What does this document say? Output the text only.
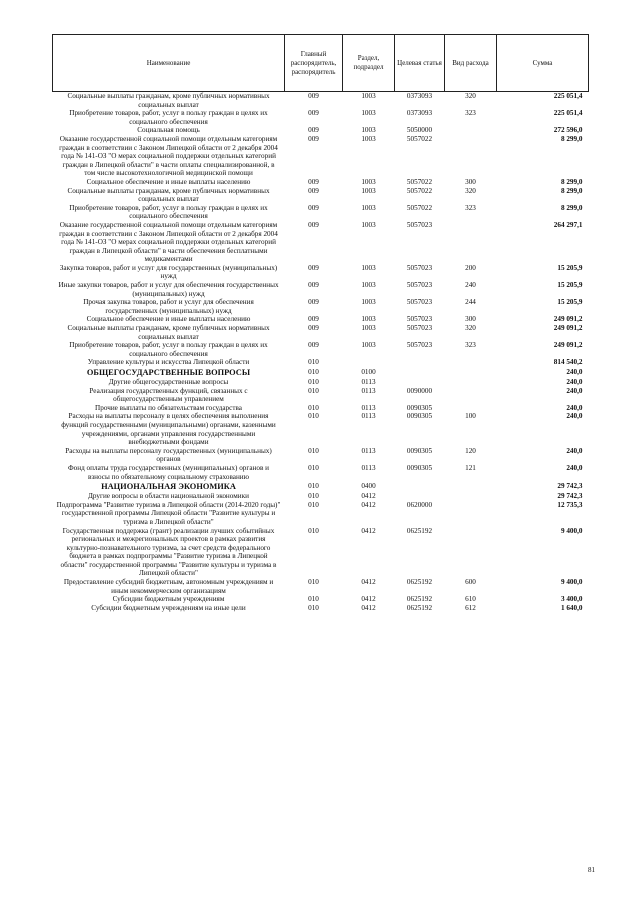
Наименование	Главный распорядитель, распорядитель	Раздел, подраздел	Целевая статья	Вид расхода	Сумма
Социальные выплаты гражданам, кроме публичных нормативных социальных выплат	009	1003	0373093	320	225 051,4
Приобретение товаров, работ, услуг в пользу граждан в целях их социального обеспечения	009	1003	0373093	323	225 051,4
Социальная помощь	009	1003	5050000		272 596,0
Оказание государственной социальной помощи отдельным категориям граждан в соответствии с Законом Липецкой области от 2 декабря 2004 года № 141-ОЗ "О мерах социальной поддержки отдельных категорий граждан в Липецкой области" в части оплаты специализированной, в том числе высокотехнологичной медицинской помощи	009	1003	5057022		8 299,0
Социальное обеспечение и иные выплаты населению	009	1003	5057022	300	8 299,0
Социальные выплаты гражданам, кроме публичных нормативных социальных выплат	009	1003	5057022	320	8 299,0
Приобретение товаров, работ, услуг в пользу граждан в целях их социального обеспечения	009	1003	5057022	323	8 299,0
Оказание государственной социальной помощи отдельным категориям граждан в соответствии с Законом Липецкой области от 2 декабря 2004 года № 141-ОЗ "О мерах социальной поддержки отдельных категорий граждан в Липецкой области" в части обеспечения бесплатными медикаментами	009	1003	5057023		264 297,1
Закупка товаров, работ и услуг для государственных (муниципальных) нужд	009	1003	5057023	200	15 205,9
Иные закупки товаров, работ и услуг для обеспечения государственных (муниципальных) нужд	009	1003	5057023	240	15 205,9
Прочая закупка товаров, работ и услуг для обеспечения государственных (муниципальных) нужд	009	1003	5057023	244	15 205,9
Социальное обеспечение и иные выплаты населению	009	1003	5057023	300	249 091,2
Социальные выплаты гражданам, кроме публичных нормативных социальных выплат	009	1003	5057023	320	249 091,2
Приобретение товаров, работ, услуг в пользу граждан в целях их социального обеспечения	009	1003	5057023	323	249 091,2
Управление культуры и искусства Липецкой области	010				814 540,2
ОБЩЕГОСУДАРСТВЕННЫЕ ВОПРОСЫ	010	0100			240,0
Другие общегосударственные вопросы	010	0113			240,0
Реализация государственных функций, связанных с общегосударственным управлением	010	0113	0090000		240,0
Прочие выплаты по обязательствам государства	010	0113	0090305		240,0
Расходы на выплаты персоналу в целях обеспечения выполнения функций государственными (муниципальными) органами, казенными учреждениями, органами управления государственными внебюджетными фондами	010	0113	0090305	100	240,0
Расходы на выплаты персоналу государственных (муниципальных) органов	010	0113	0090305	120	240,0
Фонд оплаты труда государственных (муниципальных) органов и взносы по обязательному социальному страхованию	010	0113	0090305	121	240,0
НАЦИОНАЛЬНАЯ ЭКОНОМИКА	010	0400			29 742,3
Другие вопросы в области национальной экономики	010	0412			29 742,3
Подпрограмма "Развитие туризма в Липецкой области (2014-2020 годы)" государственной программы Липецкой области "Развитие культуры и туризма в Липецкой области"	010	0412	0620000		12 735,3
Государственная поддержка (грант) реализации лучших событийных региональных и межрегиональных проектов в рамках развития культурно-познавательного туризма, за счет средств федерального бюджета в рамках подпрограммы "Развитие туризма в Липецкой области" государственной программы "Развитие культуры и туризма в Липецкой области"	010	0412	0625192		9 400,0
Предоставление субсидий бюджетным, автономным учреждениям и иным некоммерческим организациям	010	0412	0625192	600	9 400,0
Субсидии бюджетным учреждениям	010	0412	0625192	610	3 400,0
Субсидии бюджетным учреждениям на иные цели	010	0412	0625192	612	1 640,0
81
